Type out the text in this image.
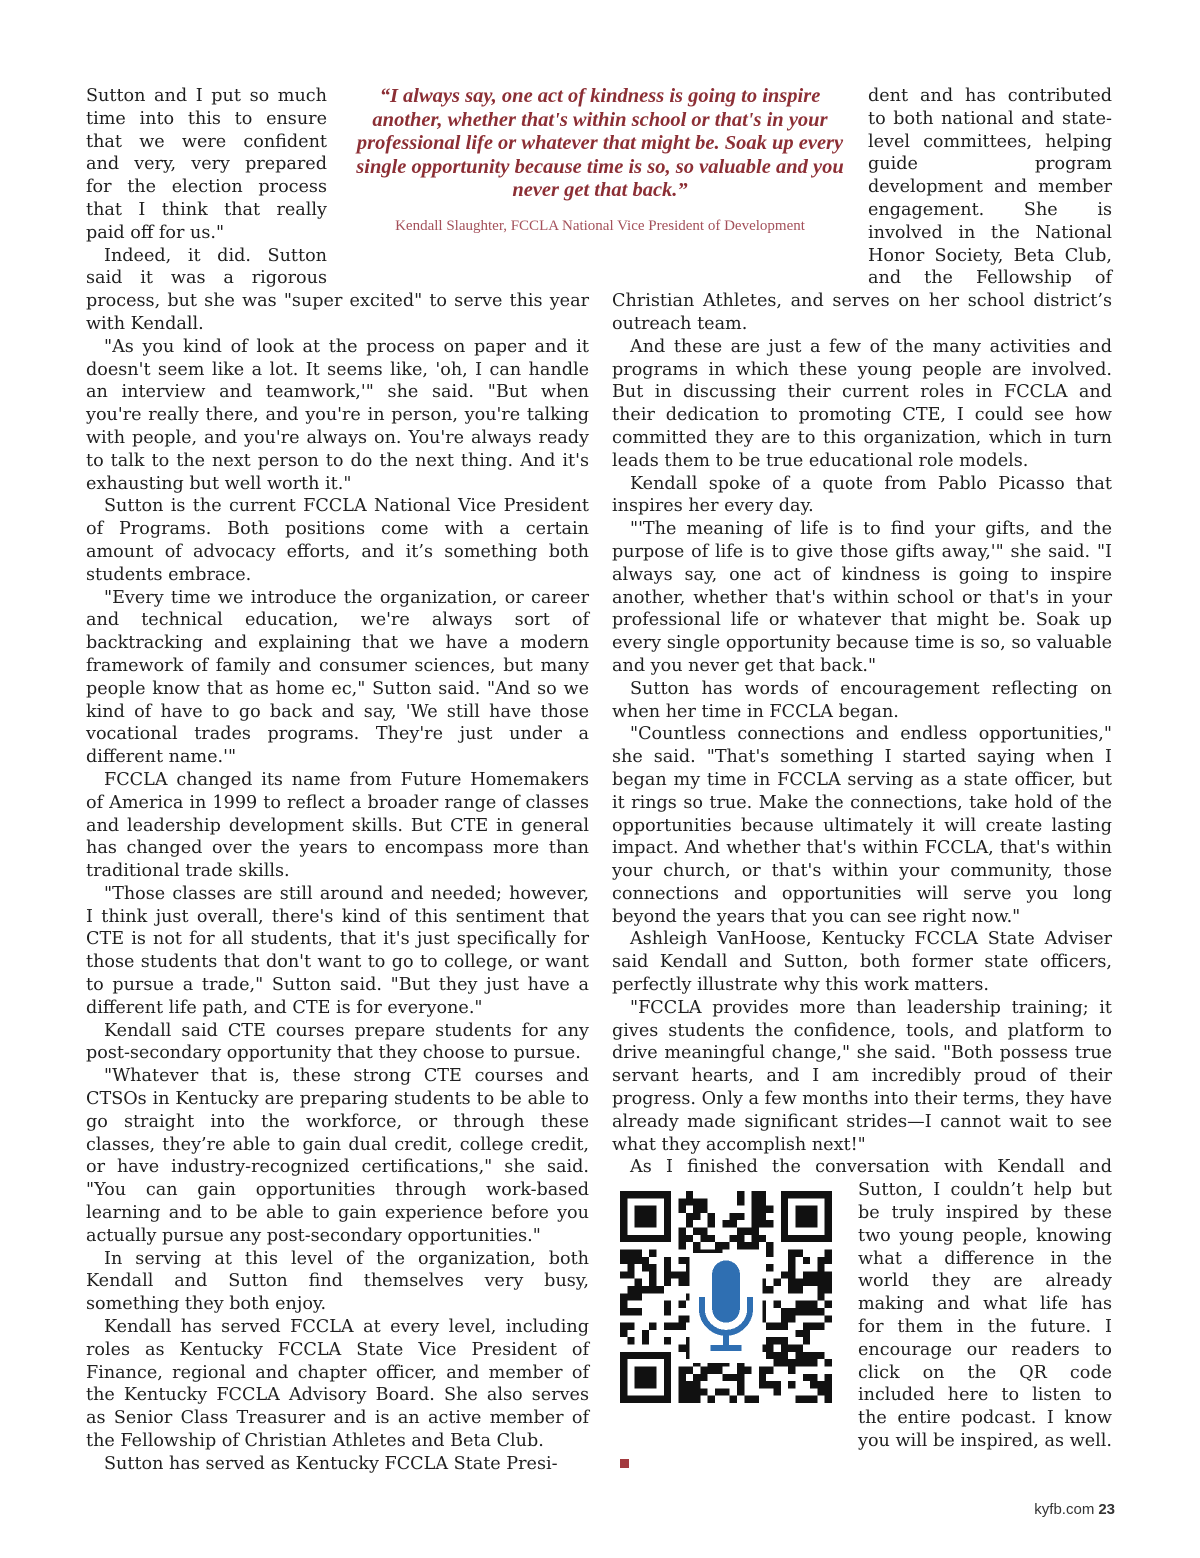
Sutton and I put so much time into this to ensure that we were confident and very, very prepared for the election process that I think that really paid off for us."

Indeed, it did. Sutton said it was a rigorous process, but she was "super excited" to serve this year with Kendall.

"As you kind of look at the process on paper and it doesn't seem like a lot. It seems like, 'oh, I can handle an interview and teamwork,'" she said. "But when you're really there, and you're in person, you're talking with people, and you're always on. You're always ready to talk to the next person to do the next thing. And it's exhausting but well worth it."

Sutton is the current FCCLA National Vice President of Programs. Both positions come with a certain amount of advocacy efforts, and it’s something both students embrace.

"Every time we introduce the organization, or career and technical education, we're always sort of backtracking and explaining that we have a modern framework of family and consumer sciences, but many people know that as home ec," Sutton said. "And so we kind of have to go back and say, 'We still have those vocational trades programs. They're just under a different name.'"

FCCLA changed its name from Future Homemakers of America in 1999 to reflect a broader range of classes and leadership development skills. But CTE in general has changed over the years to encompass more than traditional trade skills.

"Those classes are still around and needed; however, I think just overall, there's kind of this sentiment that CTE is not for all students, that it's just specifically for those students that don't want to go to college, or want to pursue a trade," Sutton said. "But they just have a different life path, and CTE is for everyone."

Kendall said CTE courses prepare students for any post-secondary opportunity that they choose to pursue.

"Whatever that is, these strong CTE courses and CTSOs in Kentucky are preparing students to be able to go straight into the workforce, or through these classes, they’re able to gain dual credit, college credit, or have industry-recognized certifications," she said. "You can gain opportunities through work-based learning and to be able to gain experience before you actually pursue any post-secondary opportunities."

In serving at this level of the organization, both Kendall and Sutton find themselves very busy, something they both enjoy.

Kendall has served FCCLA at every level, including roles as Kentucky FCCLA State Vice President of Finance, regional and chapter officer, and member of the Kentucky FCCLA Advisory Board. She also serves as Senior Class Treasurer and is an active member of the Fellowship of Christian Athletes and Beta Club.

Sutton has served as Kentucky FCCLA State Presi-

“I always say, one act of kindness is going to inspire another, whether that's within school or that's in your professional life or whatever that might be. Soak up every single opportunity because time is so, so valuable and you never get that back.”

Kendall Slaughter, FCCLA National Vice President of Development

dent and has contributed to both national and state-level committees, helping guide program development and member engagement. She is involved in the National Honor Society, Beta Club, and the Fellowship of Christian Athletes, and serves on her school district’s outreach team.

And these are just a few of the many activities and programs in which these young people are involved. But in discussing their current roles in FCCLA and their dedication to promoting CTE, I could see how committed they are to this organization, which in turn leads them to be true educational role models.

Kendall spoke of a quote from Pablo Picasso that inspires her every day.

"'The meaning of life is to find your gifts, and the purpose of life is to give those gifts away,'" she said. "I always say, one act of kindness is going to inspire another, whether that's within school or that's in your professional life or whatever that might be. Soak up every single opportunity because time is so, so valuable and you never get that back."

Sutton has words of encouragement reflecting on when her time in FCCLA began.

"Countless connections and endless opportunities," she said. "That's something I started saying when I began my time in FCCLA serving as a state officer, but it rings so true. Make the connections, take hold of the opportunities because ultimately it will create lasting impact. And whether that's within FCCLA, that's within your church, or that's within your community, those connections and opportunities will serve you long beyond the years that you can see right now."

Ashleigh VanHoose, Kentucky FCCLA State Adviser said Kendall and Sutton, both former state officers, perfectly illustrate why this work matters.

"FCCLA provides more than leadership training; it gives students the confidence, tools, and platform to drive meaningful change," she said. "Both possess true servant hearts, and I am incredibly proud of their progress. Only a few months into their terms, they have already made significant strides—I cannot wait to see what they accomplish next!"

As I finished the conversation with Kendall and Sut
ton, I couldn’t help but be truly inspired by these two young people, knowing what a difference in the world they are already making and what life has for them in the future. I encourage our readers to click on the QR code included here to listen to the entire podcast. I know you will be inspired, as well.

kyfb.com 23
